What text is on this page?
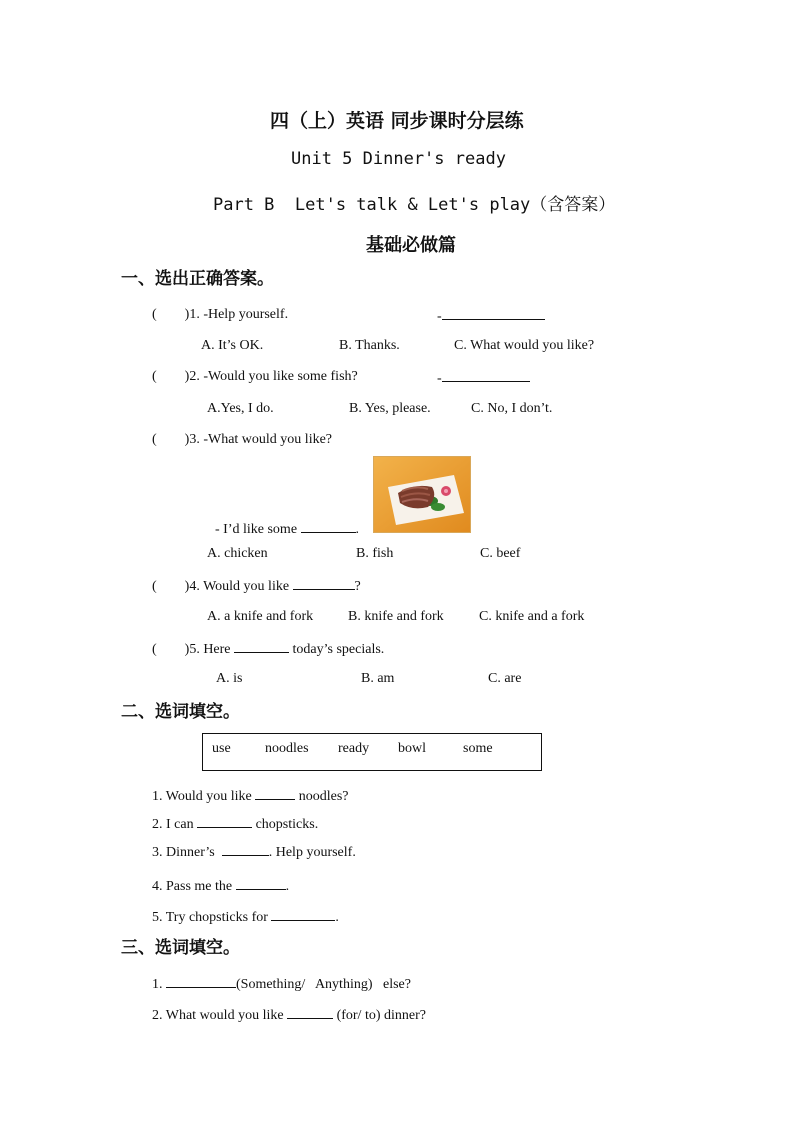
四（上）英语 同步课时分层练
Unit 5 Dinner's ready
Part B  Let's talk & Let's play（含答案）
基础必做篇
一、选出正确答案。
(        )1. -Help yourself.	-
A. It’s OK.	B. Thanks.	C. What would you like?
(        )2. -Would you like some fish?	-
A.Yes, I do.	B. Yes, please.	C. No, I don’t.
(        )3. -What would you like?
- I’d like some	.
A. chicken	B. fish	C. beef
(        )4. Would you like	?
A. a knife and fork B. knife and fork	C. knife and a fork
(        )5. Here	today’s specials.
A. is	B. am	C. are
二、选词填空。
use noodles ready bowl	some
1. Would you like	noodles?
2. I can	chopsticks.
3. Dinner’s	. Help yourself.
4. Pass me the	.
5. Try chopsticks for	.
三、选词填空。
1.	(Something/   Anything)   else?
2. What would you like	(for/ to) dinner?
